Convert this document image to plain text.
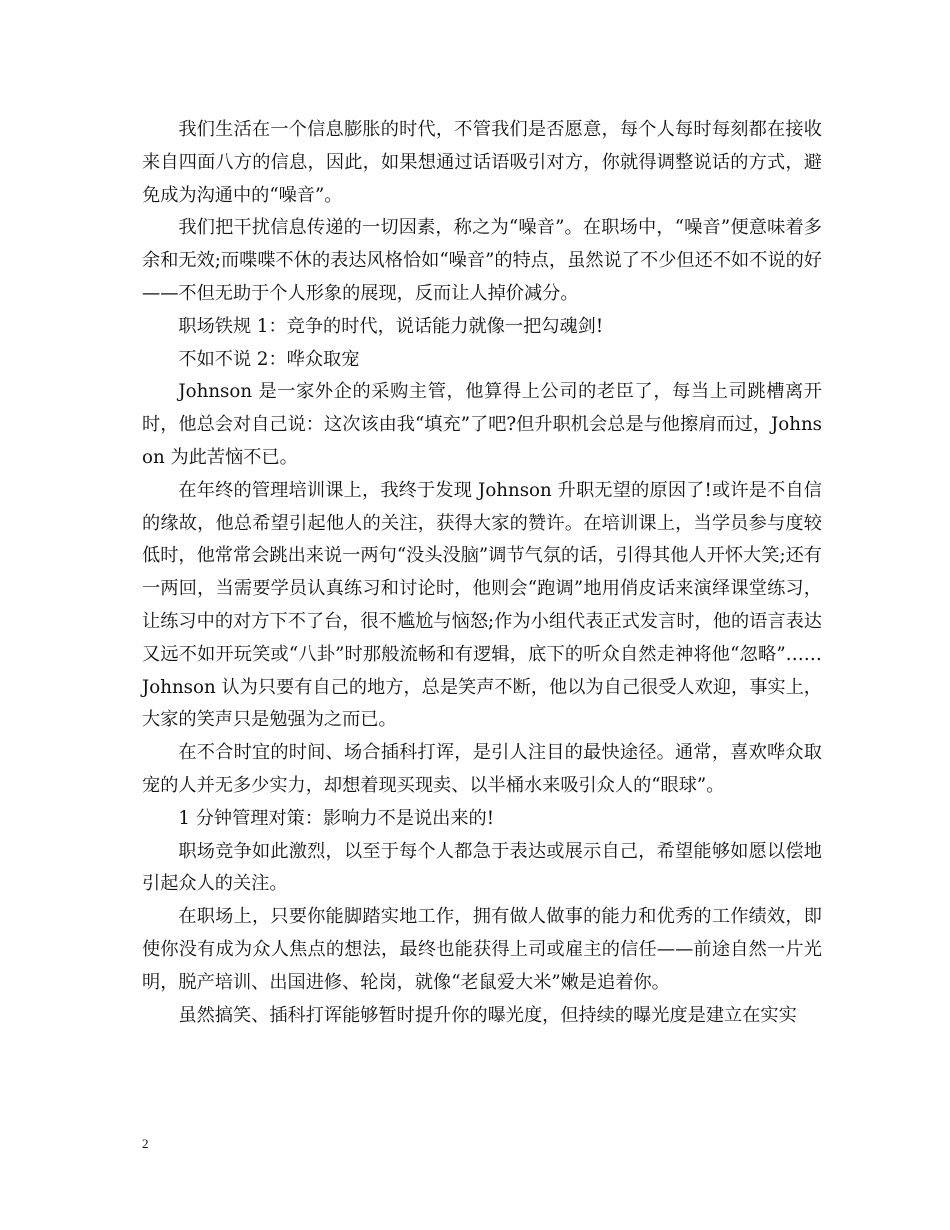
我们生活在一个信息膨胀的时代，不管我们是否愿意，每个人每时每刻都在接收来自四面八方的信息，因此，如果想通过话语吸引对方，你就得调整说话的方式，避免成为沟通中的“噪音”。

我们把干扰信息传递的一切因素，称之为“噪音”。在职场中，“噪音”便意味着多余和无效;而喋喋不休的表达风格恰如“噪音”的特点，虽然说了不少但还不如不说的好——不但无助于个人形象的展现，反而让人掉价减分。

职场铁规 1：竞争的时代，说话能力就像一把勾魂剑!

不如不说 2：哗众取宠

Johnson 是一家外企的采购主管，他算得上公司的老臣了，每当上司跳槽离开时，他总会对自己说：这次该由我“填充”了吧?但升职机会总是与他擦肩而过，Johnson 为此苦恼不已。

在年终的管理培训课上，我终于发现 Johnson 升职无望的原因了!或许是不自信的缘故，他总希望引起他人的关注，获得大家的赞许。在培训课上，当学员参与度较低时，他常常会跳出来说一两句“没头没脑”调节气氛的话，引得其他人开怀大笑;还有一两回，当需要学员认真练习和讨论时，他则会“跑调”地用俏皮话来演绎课堂练习，让练习中的对方下不了台，很不尴尬与恼怒;作为小组代表正式发言时，他的语言表达又远不如开玩笑或“八卦”时那般流畅和有逻辑，底下的听众自然走神将他“忽略”……Johnson 认为只要有自己的地方，总是笑声不断，他以为自己很受人欢迎，事实上，大家的笑声只是勉强为之而已。

在不合时宜的时间、场合插科打诨，是引人注目的最快途径。通常，喜欢哗众取宠的人并无多少实力，却想着现买现卖、以半桶水来吸引众人的“眼球”。

1 分钟管理对策：影响力不是说出来的!

职场竞争如此激烈，以至于每个人都急于表达或展示自己，希望能够如愿以偿地引起众人的关注。

在职场上，只要你能脚踏实地工作，拥有做人做事的能力和优秀的工作绩效，即使你没有成为众人焦点的想法，最终也能获得上司或雇主的信任——前途自然一片光明，脱产培训、出国进修、轮岗，就像“老鼠爱大米”嫩是追着你。

虽然搞笑、插科打诨能够暂时提升你的曝光度，但持续的曝光度是建立在实实

2
